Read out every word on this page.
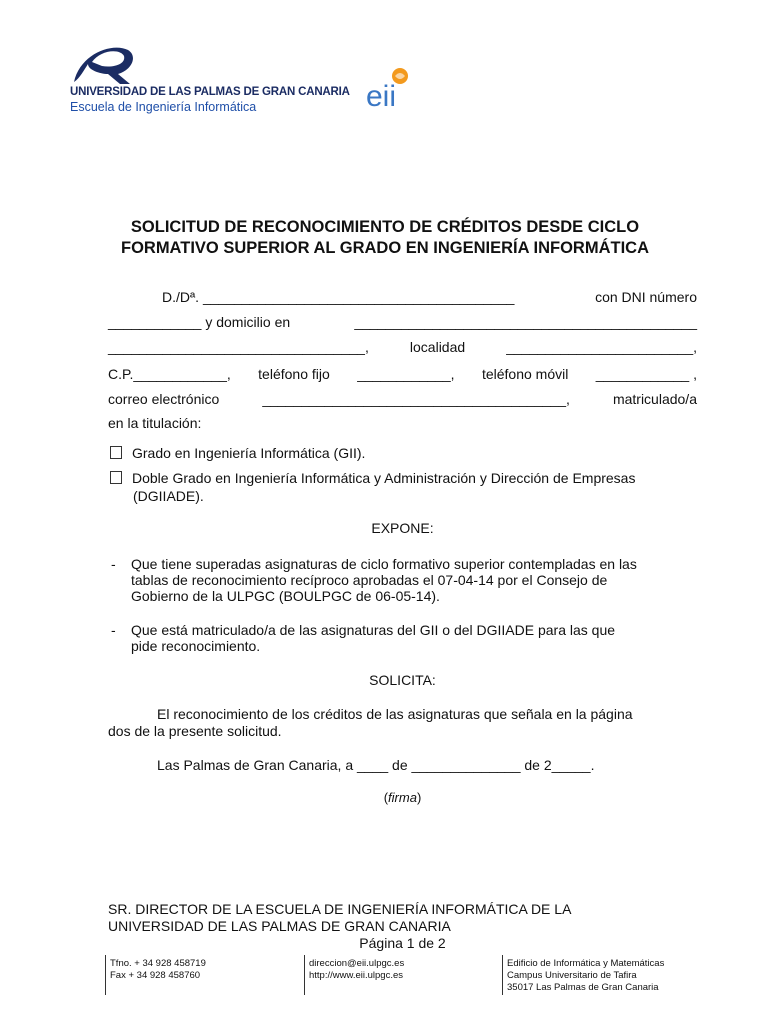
UNIVERSIDAD DE LAS PALMAS DE GRAN CANARIA
Escuela de Ingeniería Informática	eii
SOLICITUD DE RECONOCIMIENTO DE CRÉDITOS DESDE CICLO
FORMATIVO SUPERIOR AL GRADO EN INGENIERÍA INFORMÁTICA
D./Dª. ________________________________________	con DNI número
____________ y domicilio en	____________________________________________
_________________________________,	localidad	________________________,
C.P.____________, teléfono fijo ____________, teléfono móvil ____________ ,
correo electrónico	_______________________________________,	matriculado/a
en la titulación:
Grado en Ingeniería Informática (GII).
Doble Grado en Ingeniería Informática y Administración y Dirección de Empresas
(DGIIADE).
EXPONE:
- Que tiene superadas asignaturas de ciclo formativo superior contempladas en las
tablas de reconocimiento recíproco aprobadas el 07-04-14 por el Consejo de
Gobierno de la ULPGC (BOULPGC de 06-05-14).
- Que está matriculado/a de las asignaturas del GII o del DGIIADE para las que
pide reconocimiento.
SOLICITA:
El reconocimiento de los créditos de las asignaturas que señala en la página
dos de la presente solicitud.
Las Palmas de Gran Canaria, a ____ de ______________ de 2_____.
(firma)
SR. DIRECTOR DE LA ESCUELA DE INGENIERÍA INFORMÁTICA DE LA
UNIVERSIDAD DE LAS PALMAS DE GRAN CANARIA
Página 1 de 2
Tfno. + 34 928 458719
Fax + 34 928 458760
direccion@eii.ulpgc.es
http://www.eii.ulpgc.es
Edificio de Informática y Matemáticas
Campus Universitario de Tafira
35017 Las Palmas de Gran Canaria
